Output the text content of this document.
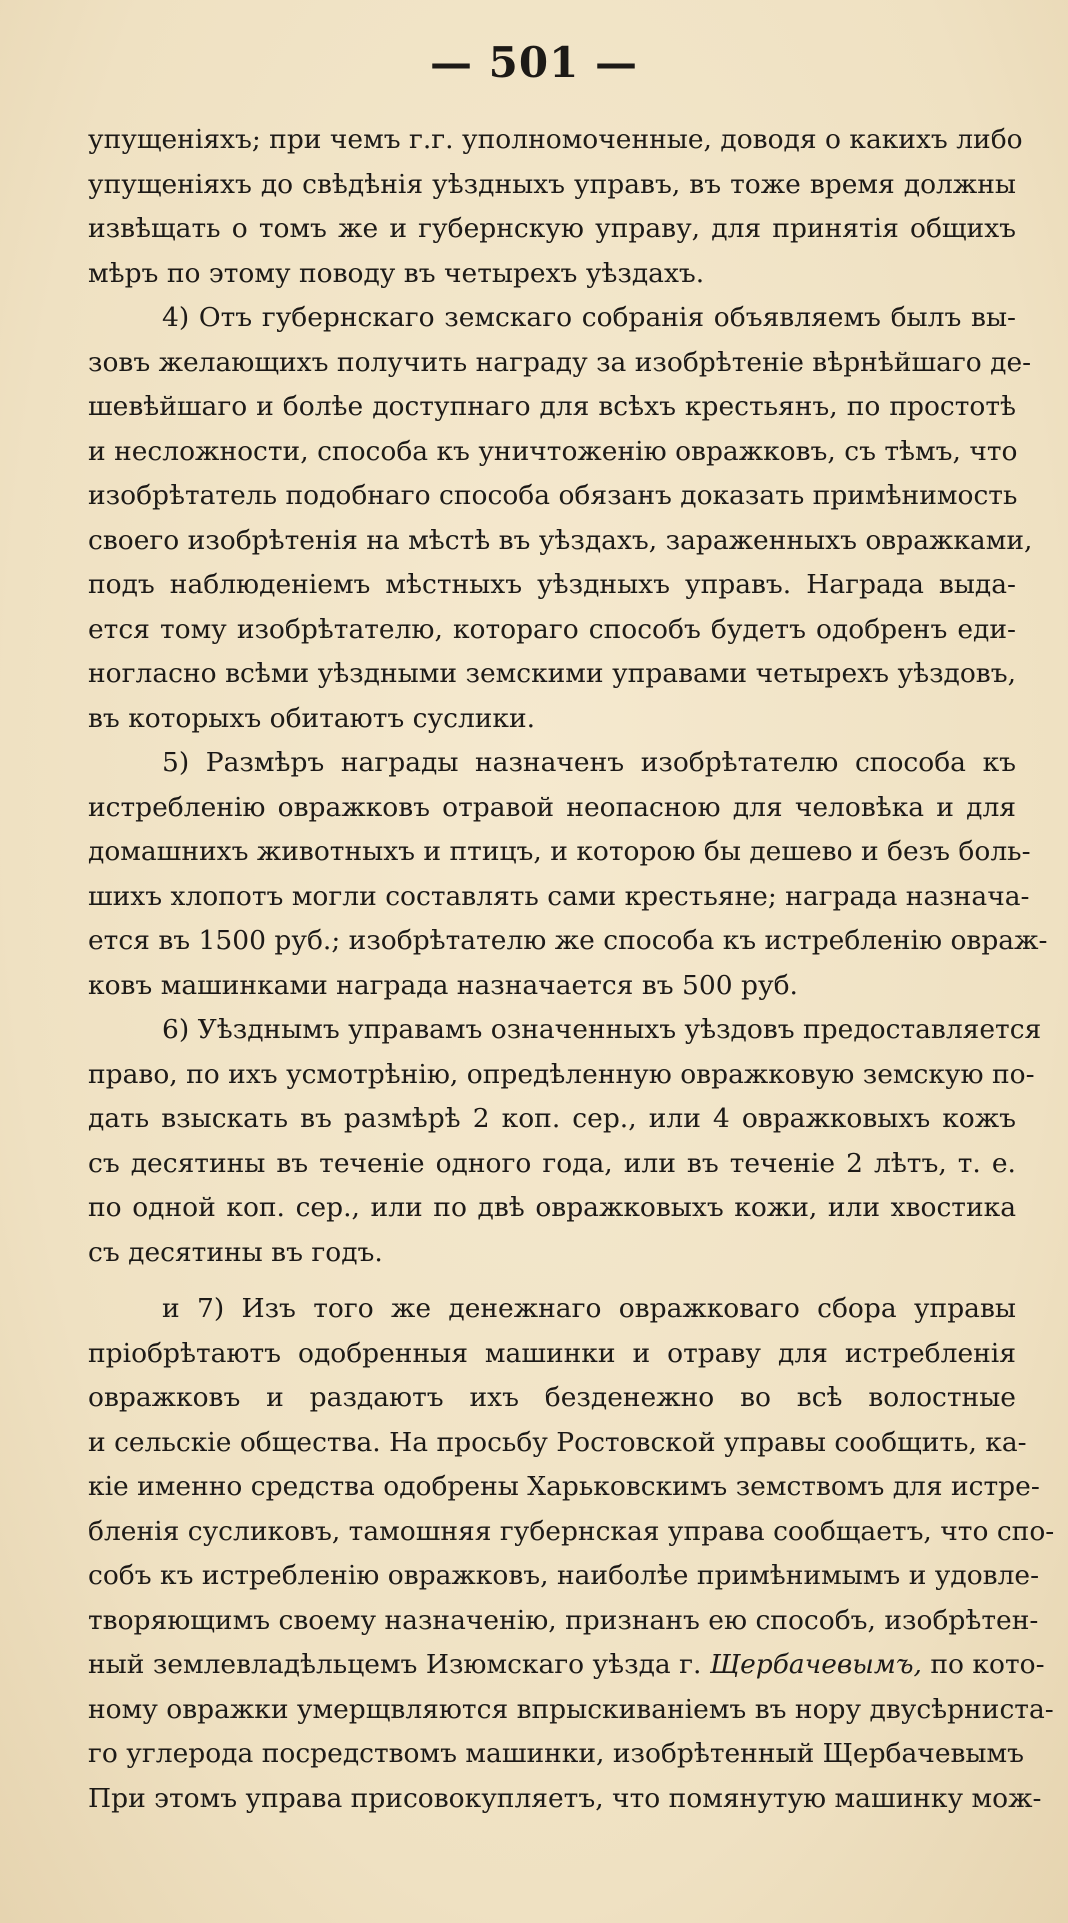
— 501 —
упущеніяхъ; при чемъ г.г. уполномоченные, доводя о какихъ либо
упущеніяхъ до свѣдѣнія уѣздныхъ управъ, въ тоже время должны
извѣщать о томъ же и губернскую управу, для принятія общихъ
мѣръ по этому поводу въ четырехъ уѣздахъ.
4) Отъ губернскаго земскаго собранія объявляемъ былъ вы-
зовъ желающихъ получить награду за изобрѣтеніе вѣрнѣйшаго де-
шевѣйшаго и болѣе доступнаго для всѣхъ крестьянъ, по простотѣ
и несложности, способа къ уничтоженію овражковъ, съ тѣмъ, что
изобрѣтатель подобнаго способа обязанъ доказать примѣнимость
своего изобрѣтенія на мѣстѣ въ уѣздахъ, зараженныхъ овражками,
подъ наблюденіемъ мѣстныхъ уѣздныхъ управъ. Награда выда-
ется тому изобрѣтателю, котораго способъ будетъ одобренъ еди-
ногласно всѣми уѣздными земскими управами четырехъ уѣздовъ,
въ которыхъ обитаютъ суслики.
5) Размѣръ награды назначенъ изобрѣтателю способа къ
истребленію овражковъ отравой неопасною для человѣка и для
домашнихъ животныхъ и птицъ, и которою бы дешево и безъ боль-
шихъ хлопотъ могли составлять сами крестьяне; награда назнача-
ется въ 1500 руб.; изобрѣтателю же способа къ истребленію овраж-
ковъ машинками награда назначается въ 500 руб.
6) Уѣзднымъ управамъ означенныхъ уѣздовъ предоставляется
право, по ихъ усмотрѣнію, опредѣленную овражковую земскую по-
дать взыскать въ размѣрѣ 2 коп. сер., или 4 овражковыхъ кожъ
съ десятины въ теченіе одного года, или въ теченіе 2 лѣтъ, т. е.
по одной коп. сер., или по двѣ овражковыхъ кожи, или хвостика
съ десятины въ годъ.
и 7) Изъ того же денежнаго овражковаго сбора управы
пріобрѣтаютъ одобренныя машинки и отраву для истребленія
овражковъ и раздаютъ ихъ безденежно во всѣ волостные
и сельскіе общества. На просьбу Ростовской управы сообщить, ка-
кіе именно средства одобрены Харьковскимъ земствомъ для истре-
бленія сусликовъ, тамошняя губернская управа сообщаетъ, что спо-
собъ къ истребленію овражковъ, наиболѣе примѣнимымъ и удовле-
творяющимъ своему назначенію, признанъ ею способъ, изобрѣтен-
ный землевладѣльцемъ Изюмскаго уѣзда г. Щербачевымъ, по кото-
ному овражки умерщвляются впрыскиваніемъ въ нору двусѣрниста-
го углерода посредствомъ машинки, изобрѣтенный Щербачевымъ
При этомъ управа присовокупляетъ, что помянутую машинку мож-
